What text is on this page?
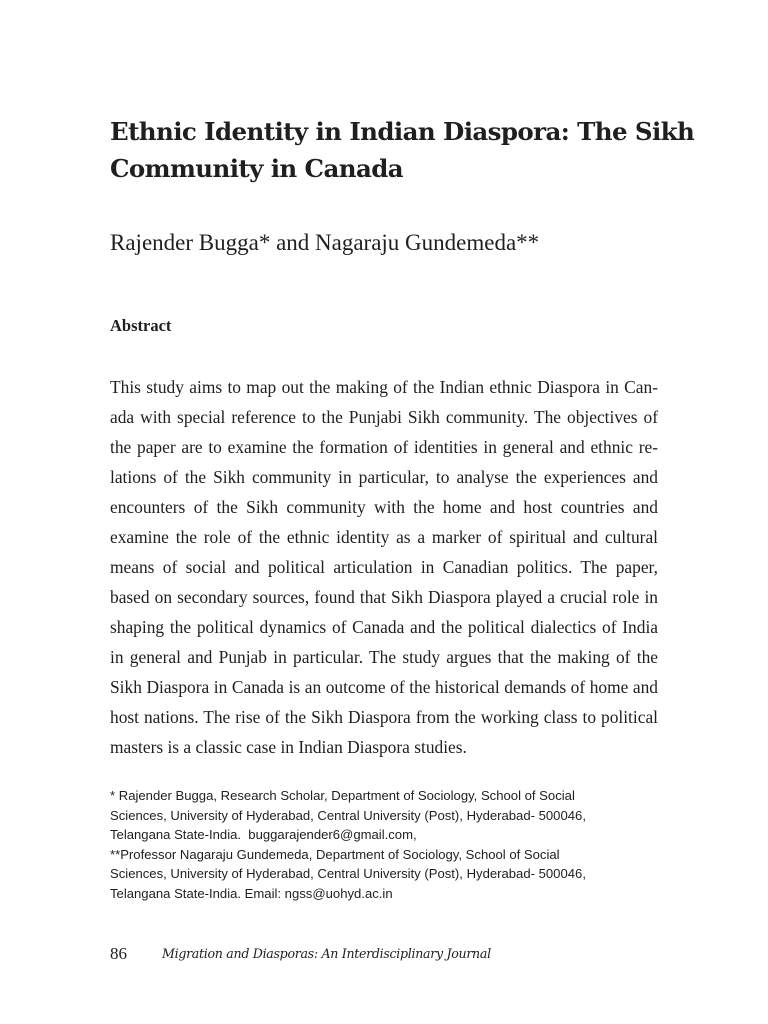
Ethnic Identity in Indian Diaspora: The Sikh Community in Canada

Rajender Bugga* and Nagaraju Gundemeda**

Abstract

This study aims to map out the making of the Indian ethnic Diaspora in Canada with special reference to the Punjabi Sikh community. The objectives of the paper are to examine the formation of identities in general and ethnic relations of the Sikh community in particular, to analyse the experiences and encounters of the Sikh community with the home and host countries and examine the role of the ethnic identity as a marker of spiritual and cultural means of social and political articulation in Canadian politics. The paper, based on secondary sources, found that Sikh Diaspora played a crucial role in shaping the political dynamics of Canada and the political dialectics of India in general and Punjab in particular. The study argues that the making of the Sikh Diaspora in Canada is an outcome of the historical demands of home and host nations. The rise of the Sikh Diaspora from the working class to political masters is a classic case in Indian Diaspora studies.

* Rajender Bugga, Research Scholar, Department of Sociology, School of Social
Sciences, University of Hyderabad, Central University (Post), Hyderabad- 500046,
Telangana State-India.  buggarajender6@gmail.com,

**Professor Nagaraju Gundemeda, Department of Sociology, School of Social
Sciences, University of Hyderabad, Central University (Post), Hyderabad- 500046,
Telangana State-India. Email: ngss@uohyd.ac.in

86	Migration and Diasporas: An Interdisciplinary Journal
